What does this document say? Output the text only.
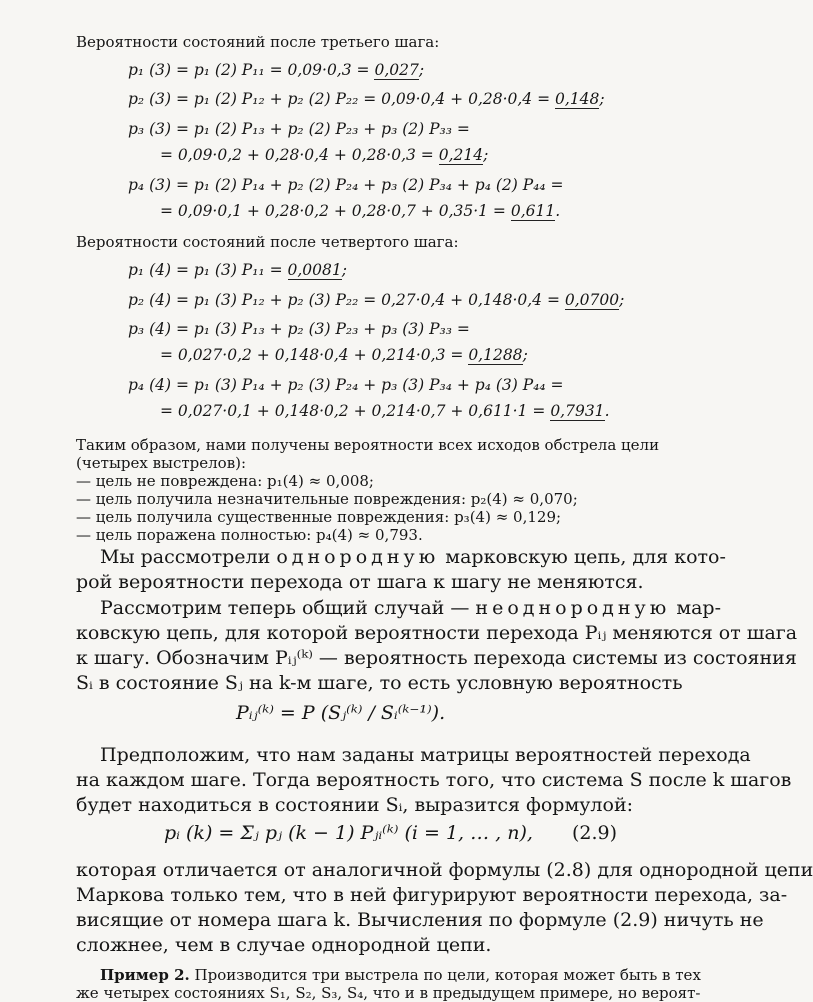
Вероятности состояний после третьего шага:
p₁ (3) = p₁ (2) P₁₁ = 0,09·0,3 = 0,027;
p₂ (3) = p₁ (2) P₁₂ + p₂ (2) P₂₂ = 0,09·0,4 + 0,28·0,4 = 0,148;
p₃ (3) = p₁ (2) P₁₃ + p₂ (2) P₂₃ + p₃ (2) P₃₃ =
= 0,09·0,2 + 0,28·0,4 + 0,28·0,3 = 0,214;
p₄ (3) = p₁ (2) P₁₄ + p₂ (2) P₂₄ + p₃ (2) P₃₄ + p₄ (2) P₄₄ =
= 0,09·0,1 + 0,28·0,2 + 0,28·0,7 + 0,35·1 = 0,611.
Вероятности состояний после четвертого шага:
p₁ (4) = p₁ (3) P₁₁ = 0,0081;
p₂ (4) = p₁ (3) P₁₂ + p₂ (3) P₂₂ = 0,27·0,4 + 0,148·0,4 = 0,0700;
p₃ (4) = p₁ (3) P₁₃ + p₂ (3) P₂₃ + p₃ (3) P₃₃ =
= 0,027·0,2 + 0,148·0,4 + 0,214·0,3 = 0,1288;
p₄ (4) = p₁ (3) P₁₄ + p₂ (3) P₂₄ + p₃ (3) P₃₄ + p₄ (3) P₄₄ =
= 0,027·0,1 + 0,148·0,2 + 0,214·0,7 + 0,611·1 = 0,7931.
Таким образом, нами получены вероятности всех исходов обстрела цели
(четырех выстрелов):
— цель не повреждена: p₁(4) ≈ 0,008;
— цель получила незначительные повреждения: p₂(4) ≈ 0,070;
— цель получила существенные повреждения: p₃(4) ≈ 0,129;
— цель поражена полностью: p₄(4) ≈ 0,793.
Мы рассмотрели однородную марковскую цепь, для кото-
рой вероятности перехода от шага к шагу не меняются.
Рассмотрим теперь общий случай — неоднородную мар-
ковскую цепь, для которой вероятности перехода Pᵢⱼ меняются от шага
к шагу. Обозначим Pᵢⱼ⁽ᵏ⁾ — вероятность перехода системы из состояния
Sᵢ в состояние Sⱼ на k-м шаге, то есть условную вероятность
Pᵢⱼ⁽ᵏ⁾ = P (Sⱼ⁽ᵏ⁾ / Sᵢ⁽ᵏ⁻¹⁾).
Предположим, что нам заданы матрицы вероятностей перехода
на каждом шаге. Тогда вероятность того, что система S после k шагов
будет находиться в состоянии Sᵢ, выразится формулой:
pᵢ (k) = Σⱼ pⱼ (k − 1) Pⱼᵢ⁽ᵏ⁾ (i = 1, … , n), (2.9)
которая отличается от аналогичной формулы (2.8) для однородной цепи
Маркова только тем, что в ней фигурируют вероятности перехода, за-
висящие от номера шага k. Вычисления по формуле (2.9) ничуть не
сложнее, чем в случае однородной цепи.
Пример 2. Производится три выстрела по цели, которая может быть в тех
же четырех состояниях S₁, S₂, S₃, S₄, что и в предыдущем примере, но вероят-
